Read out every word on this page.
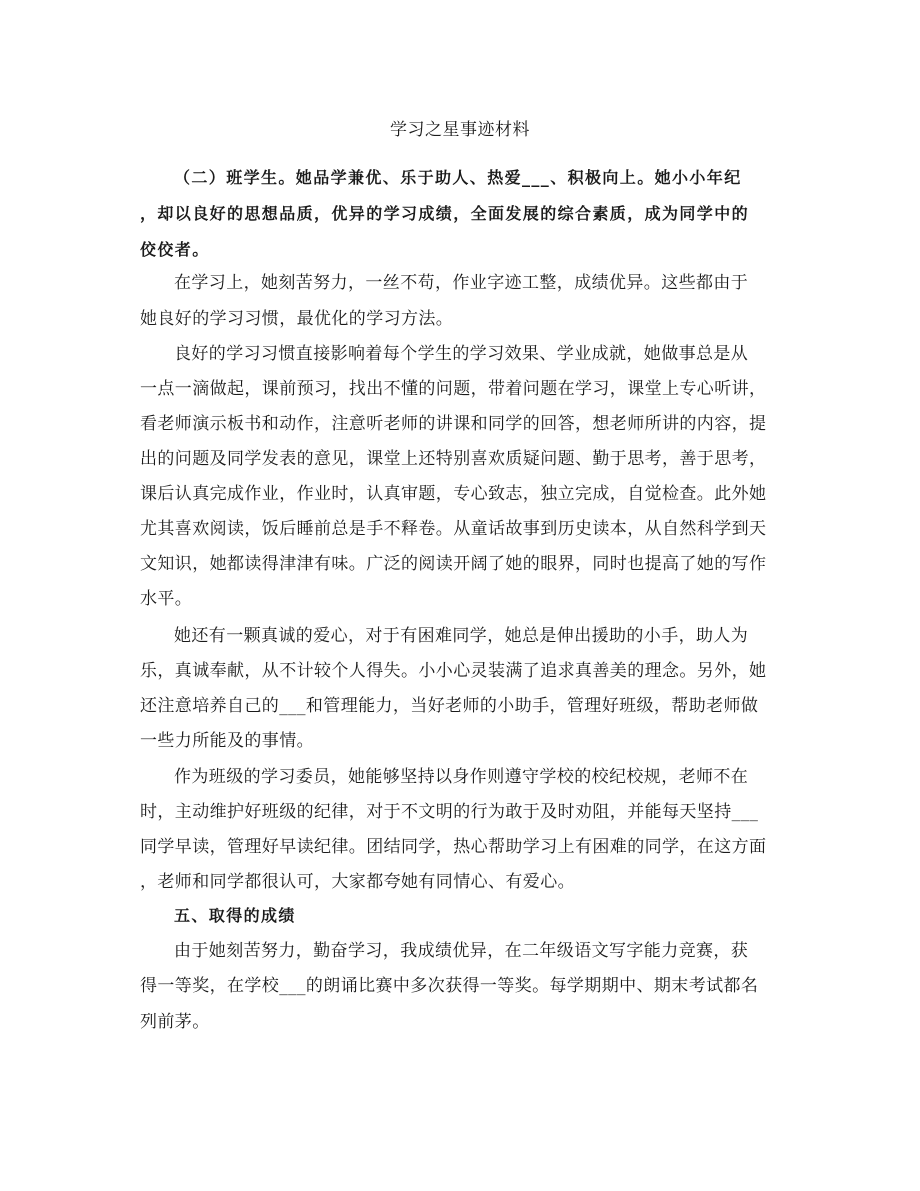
学习之星事迹材料
（二）班学生。她品学兼优、乐于助人、热爱___、积极向上。她小小年纪
，却以良好的思想品质，优异的学习成绩，全面发展的综合素质，成为同学中的
佼佼者。
在学习上，她刻苦努力，一丝不苟，作业字迹工整，成绩优异。这些都由于
她良好的学习习惯，最优化的学习方法。
良好的学习习惯直接影响着每个学生的学习效果、学业成就，她做事总是从
一点一滴做起，课前预习，找出不懂的问题，带着问题在学习，课堂上专心听讲，
看老师演示板书和动作，注意听老师的讲课和同学的回答，想老师所讲的内容，提
出的问题及同学发表的意见，课堂上还特别喜欢质疑问题、勤于思考，善于思考，
课后认真完成作业，作业时，认真审题，专心致志，独立完成，自觉检查。此外她
尤其喜欢阅读，饭后睡前总是手不释卷。从童话故事到历史读本，从自然科学到天
文知识，她都读得津津有味。广泛的阅读开阔了她的眼界，同时也提高了她的写作
水平。
她还有一颗真诚的爱心，对于有困难同学，她总是伸出援助的小手，助人为
乐，真诚奉献，从不计较个人得失。小小心灵装满了追求真善美的理念。另外，她
还注意培养自己的___和管理能力，当好老师的小助手，管理好班级，帮助老师做
一些力所能及的事情。
作为班级的学习委员，她能够坚持以身作则遵守学校的校纪校规，老师不在
时，主动维护好班级的纪律，对于不文明的行为敢于及时劝阻，并能每天坚持___
同学早读，管理好早读纪律。团结同学，热心帮助学习上有困难的同学，在这方面
，老师和同学都很认可，大家都夸她有同情心、有爱心。
五、取得的成绩
由于她刻苦努力，勤奋学习，我成绩优异，在二年级语文写字能力竞赛，获
得一等奖，在学校___的朗诵比赛中多次获得一等奖。每学期期中、期末考试都名
列前茅。
